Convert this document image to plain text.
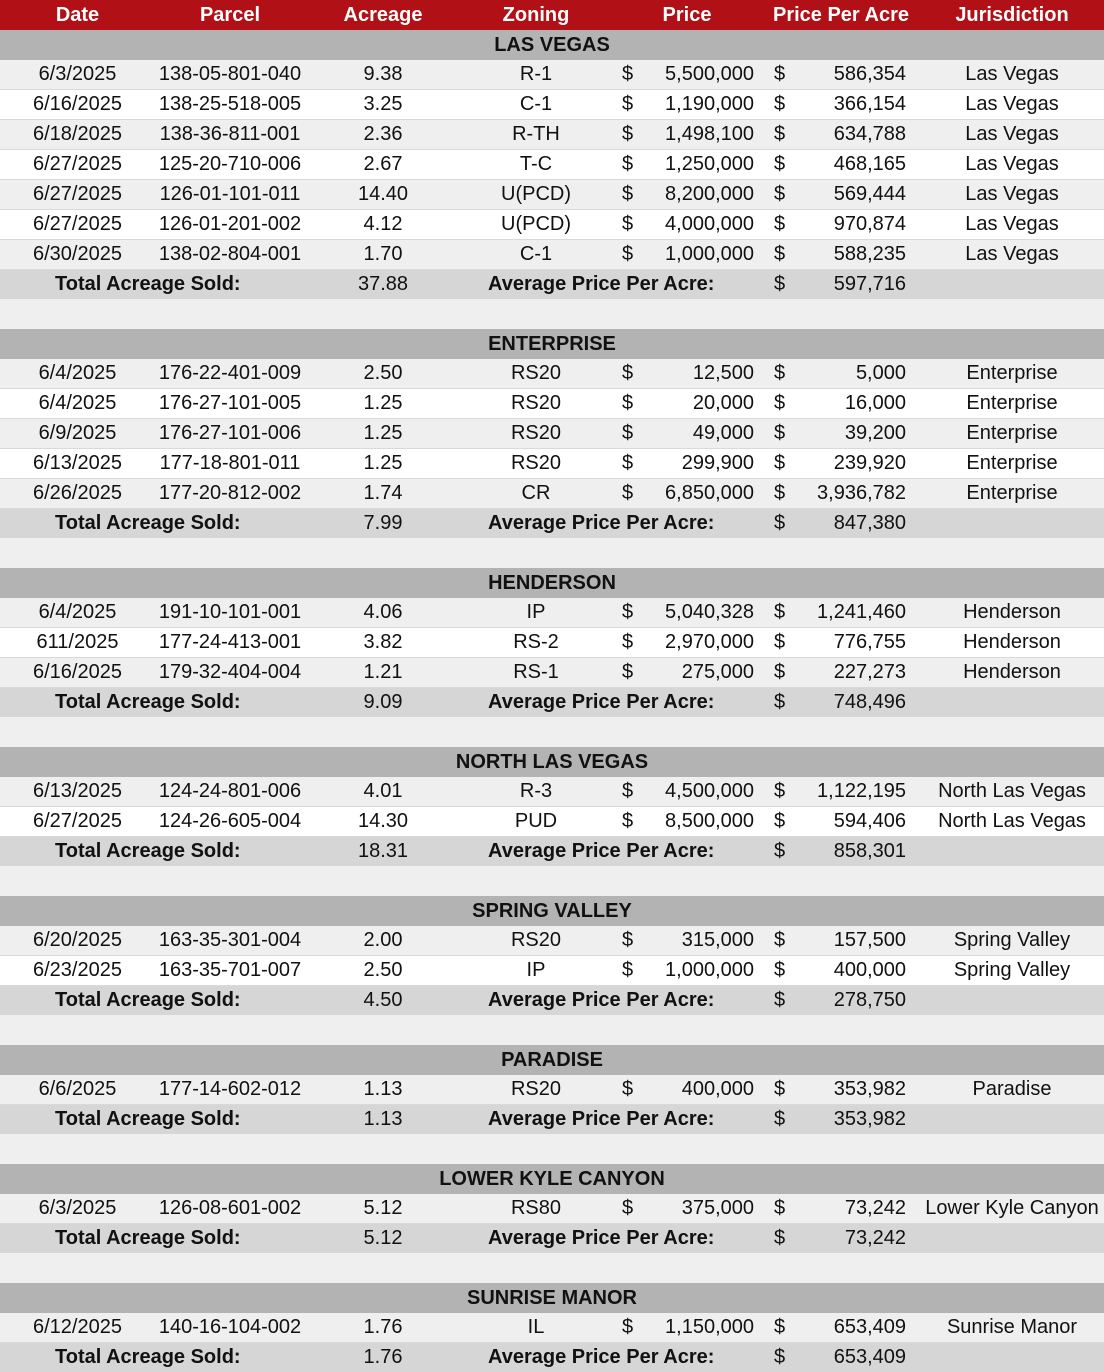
Date	Parcel	Acreage	Zoning	Price	Price Per Acre	Jurisdiction
LAS VEGAS
6/3/2025	138-05-801-040	9.38	R-1	$	5,500,000 $	586,354	Las Vegas
6/16/2025	138-25-518-005	3.25	C-1	$	1,190,000 $	366,154	Las Vegas
6/18/2025	138-36-811-001	2.36	R-TH	$	1,498,100 $	634,788	Las Vegas
6/27/2025	125-20-710-006	2.67	T-C	$	1,250,000 $	468,165	Las Vegas
6/27/2025	126-01-101-011	14.40	U(PCD)	$	8,200,000 $	569,444	Las Vegas
6/27/2025	126-01-201-002	4.12	U(PCD)	$	4,000,000 $	970,874	Las Vegas
6/30/2025	138-02-804-001	1.70	C-1	$	1,000,000 $	588,235	Las Vegas
Total Acreage Sold:	37.88	Average Price Per Acre:	$	597,716
ENTERPRISE
6/4/2025	176-22-401-009	2.50	RS20	$	12,500 $	5,000	Enterprise
6/4/2025	176-27-101-005	1.25	RS20	$	20,000 $	16,000	Enterprise
6/9/2025	176-27-101-006	1.25	RS20	$	49,000 $	39,200	Enterprise
6/13/2025	177-18-801-011	1.25	RS20	$	299,900 $	239,920	Enterprise
6/26/2025	177-20-812-002	1.74	CR	$	6,850,000 $	3,936,782	Enterprise
Total Acreage Sold:	7.99	Average Price Per Acre:	$	847,380
HENDERSON
6/4/2025	191-10-101-001	4.06	IP	$	5,040,328 $	1,241,460	Henderson
611/2025	177-24-413-001	3.82	RS-2	$	2,970,000 $	776,755	Henderson
6/16/2025	179-32-404-004	1.21	RS-1	$	275,000 $	227,273	Henderson
Total Acreage Sold:	9.09	Average Price Per Acre:	$	748,496
NORTH LAS VEGAS
6/13/2025	124-24-801-006	4.01	R-3	$	4,500,000 $	1,122,195	North Las Vegas
6/27/2025	124-26-605-004	14.30	PUD	$	8,500,000 $	594,406	North Las Vegas
Total Acreage Sold:	18.31	Average Price Per Acre:	$	858,301
SPRING VALLEY
6/20/2025	163-35-301-004	2.00	RS20	$	315,000 $	157,500	Spring Valley
6/23/2025	163-35-701-007	2.50	IP	$	1,000,000 $	400,000	Spring Valley
Total Acreage Sold:	4.50	Average Price Per Acre:	$	278,750
PARADISE
6/6/2025	177-14-602-012	1.13	RS20	$	400,000 $	353,982	Paradise
Total Acreage Sold:	1.13	Average Price Per Acre:	$	353,982
LOWER KYLE CANYON
6/3/2025	126-08-601-002	5.12	RS80	$	375,000 $	73,242 Lower Kyle Canyon
Total Acreage Sold:	5.12	Average Price Per Acre:	$	73,242
SUNRISE MANOR
6/12/2025	140-16-104-002	1.76	IL	$	1,150,000 $	653,409	Sunrise Manor
Total Acreage Sold:	1.76	Average Price Per Acre:	$	653,409
